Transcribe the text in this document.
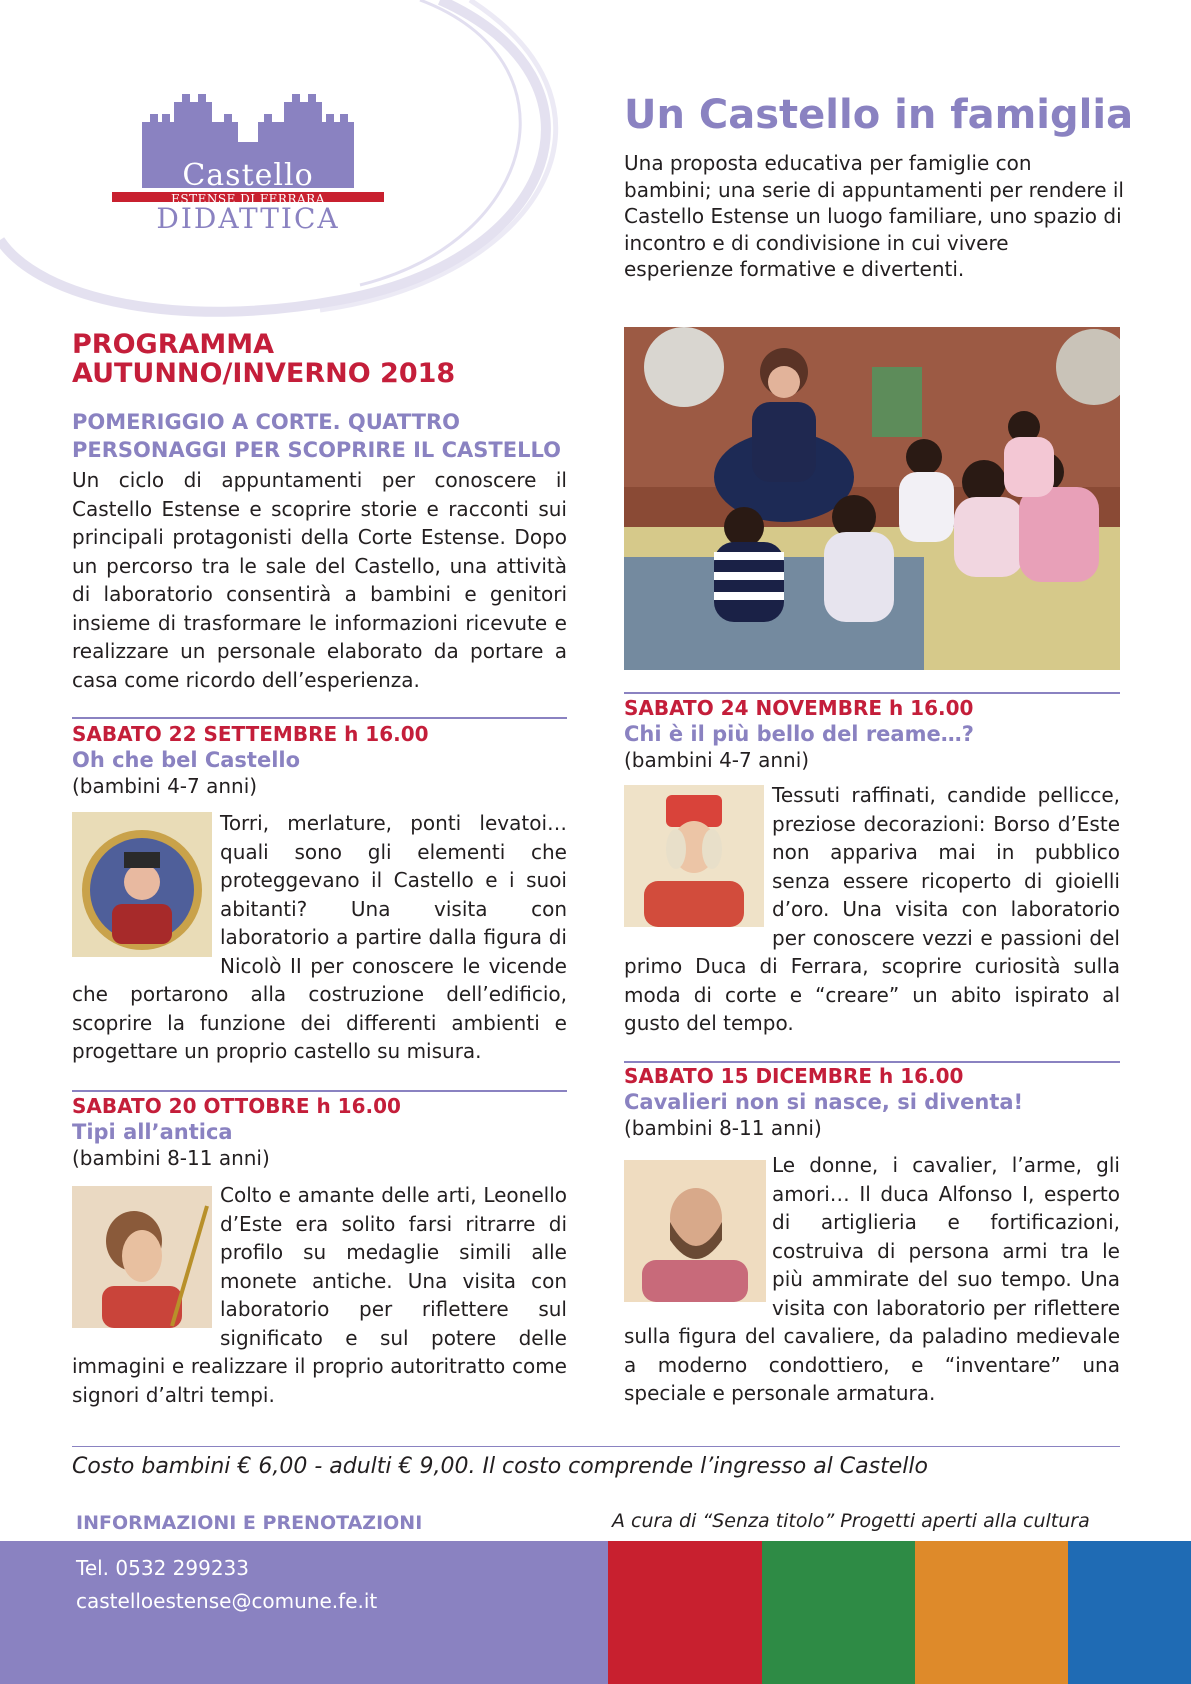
Castello
ESTENSE DI FERRARA
DIDATTICA
Un Castello in famiglia
Una proposta educativa per famiglie con bambini; una serie di appuntamenti per rendere il Castello Estense un luogo familiare, uno spazio di incontro e di condivisione in cui vivere esperienze formative e divertenti.
PROGRAMMA
AUTUNNO/INVERNO 2018
POMERIGGIO A CORTE. QUATTRO PERSONAGGI PER SCOPRIRE IL CASTELLO
Un ciclo di appuntamenti per conoscere il Castello Estense e scoprire storie e racconti sui principali protagonisti della Corte Estense. Dopo un percorso tra le sale del Castello, una attività di laboratorio consentirà a bambini e genitori insieme di trasformare le informazioni ricevute e realizzare un personale elaborato da portare a casa come ricordo dell’esperienza.
SABATO 22 SETTEMBRE h 16.00
Oh che bel Castello
(bambini 4-7 anni)
Torri, merlature, ponti levatoi… quali sono gli elementi che proteggevano il Castello e i suoi abitanti? Una visita con laboratorio a partire dalla figura di Nicolò II per conoscere le vicende che portarono alla costruzione dell’edificio, scoprire la funzione dei differenti ambienti e progettare un proprio castello su misura.
SABATO 20 OTTOBRE h 16.00
Tipi all’antica
(bambini 8-11 anni)
Colto e amante delle arti, Leonello d’Este era solito farsi ritrarre di profilo su medaglie simili alle monete antiche. Una visita con laboratorio per riflettere sul significato e sul potere delle immagini e realizzare il proprio autoritratto come signori d’altri tempi.
SABATO 24 NOVEMBRE h 16.00
Chi è il più bello del reame…?
(bambini 4-7 anni)
Tessuti raffinati, candide pellicce, preziose decorazioni: Borso d’Este non appariva mai in pubblico senza essere ricoperto di gioielli d’oro. Una visita con laboratorio per conoscere vezzi e passioni del primo Duca di Ferrara, scoprire curiosità sulla moda di corte e “creare” un abito ispirato al gusto del tempo.
SABATO 15 DICEMBRE h 16.00
Cavalieri non si nasce, si diventa!
(bambini 8-11 anni)
Le donne, i cavalier, l’arme, gli amori… Il duca Alfonso I, esperto di artiglieria e fortificazioni, costruiva di persona armi tra le più ammirate del suo tempo. Una visita con laboratorio per riflettere sulla figura del cavaliere, da paladino medievale a moderno condottiero, e “inventare” una speciale e personale armatura.
Costo bambini € 6,00 - adulti € 9,00. Il costo comprende l’ingresso al Castello
INFORMAZIONI E PRENOTAZIONI	A cura di “Senza titolo” Progetti aperti alla cultura
Tel. 0532 299233
castelloestense@comune.fe.it
